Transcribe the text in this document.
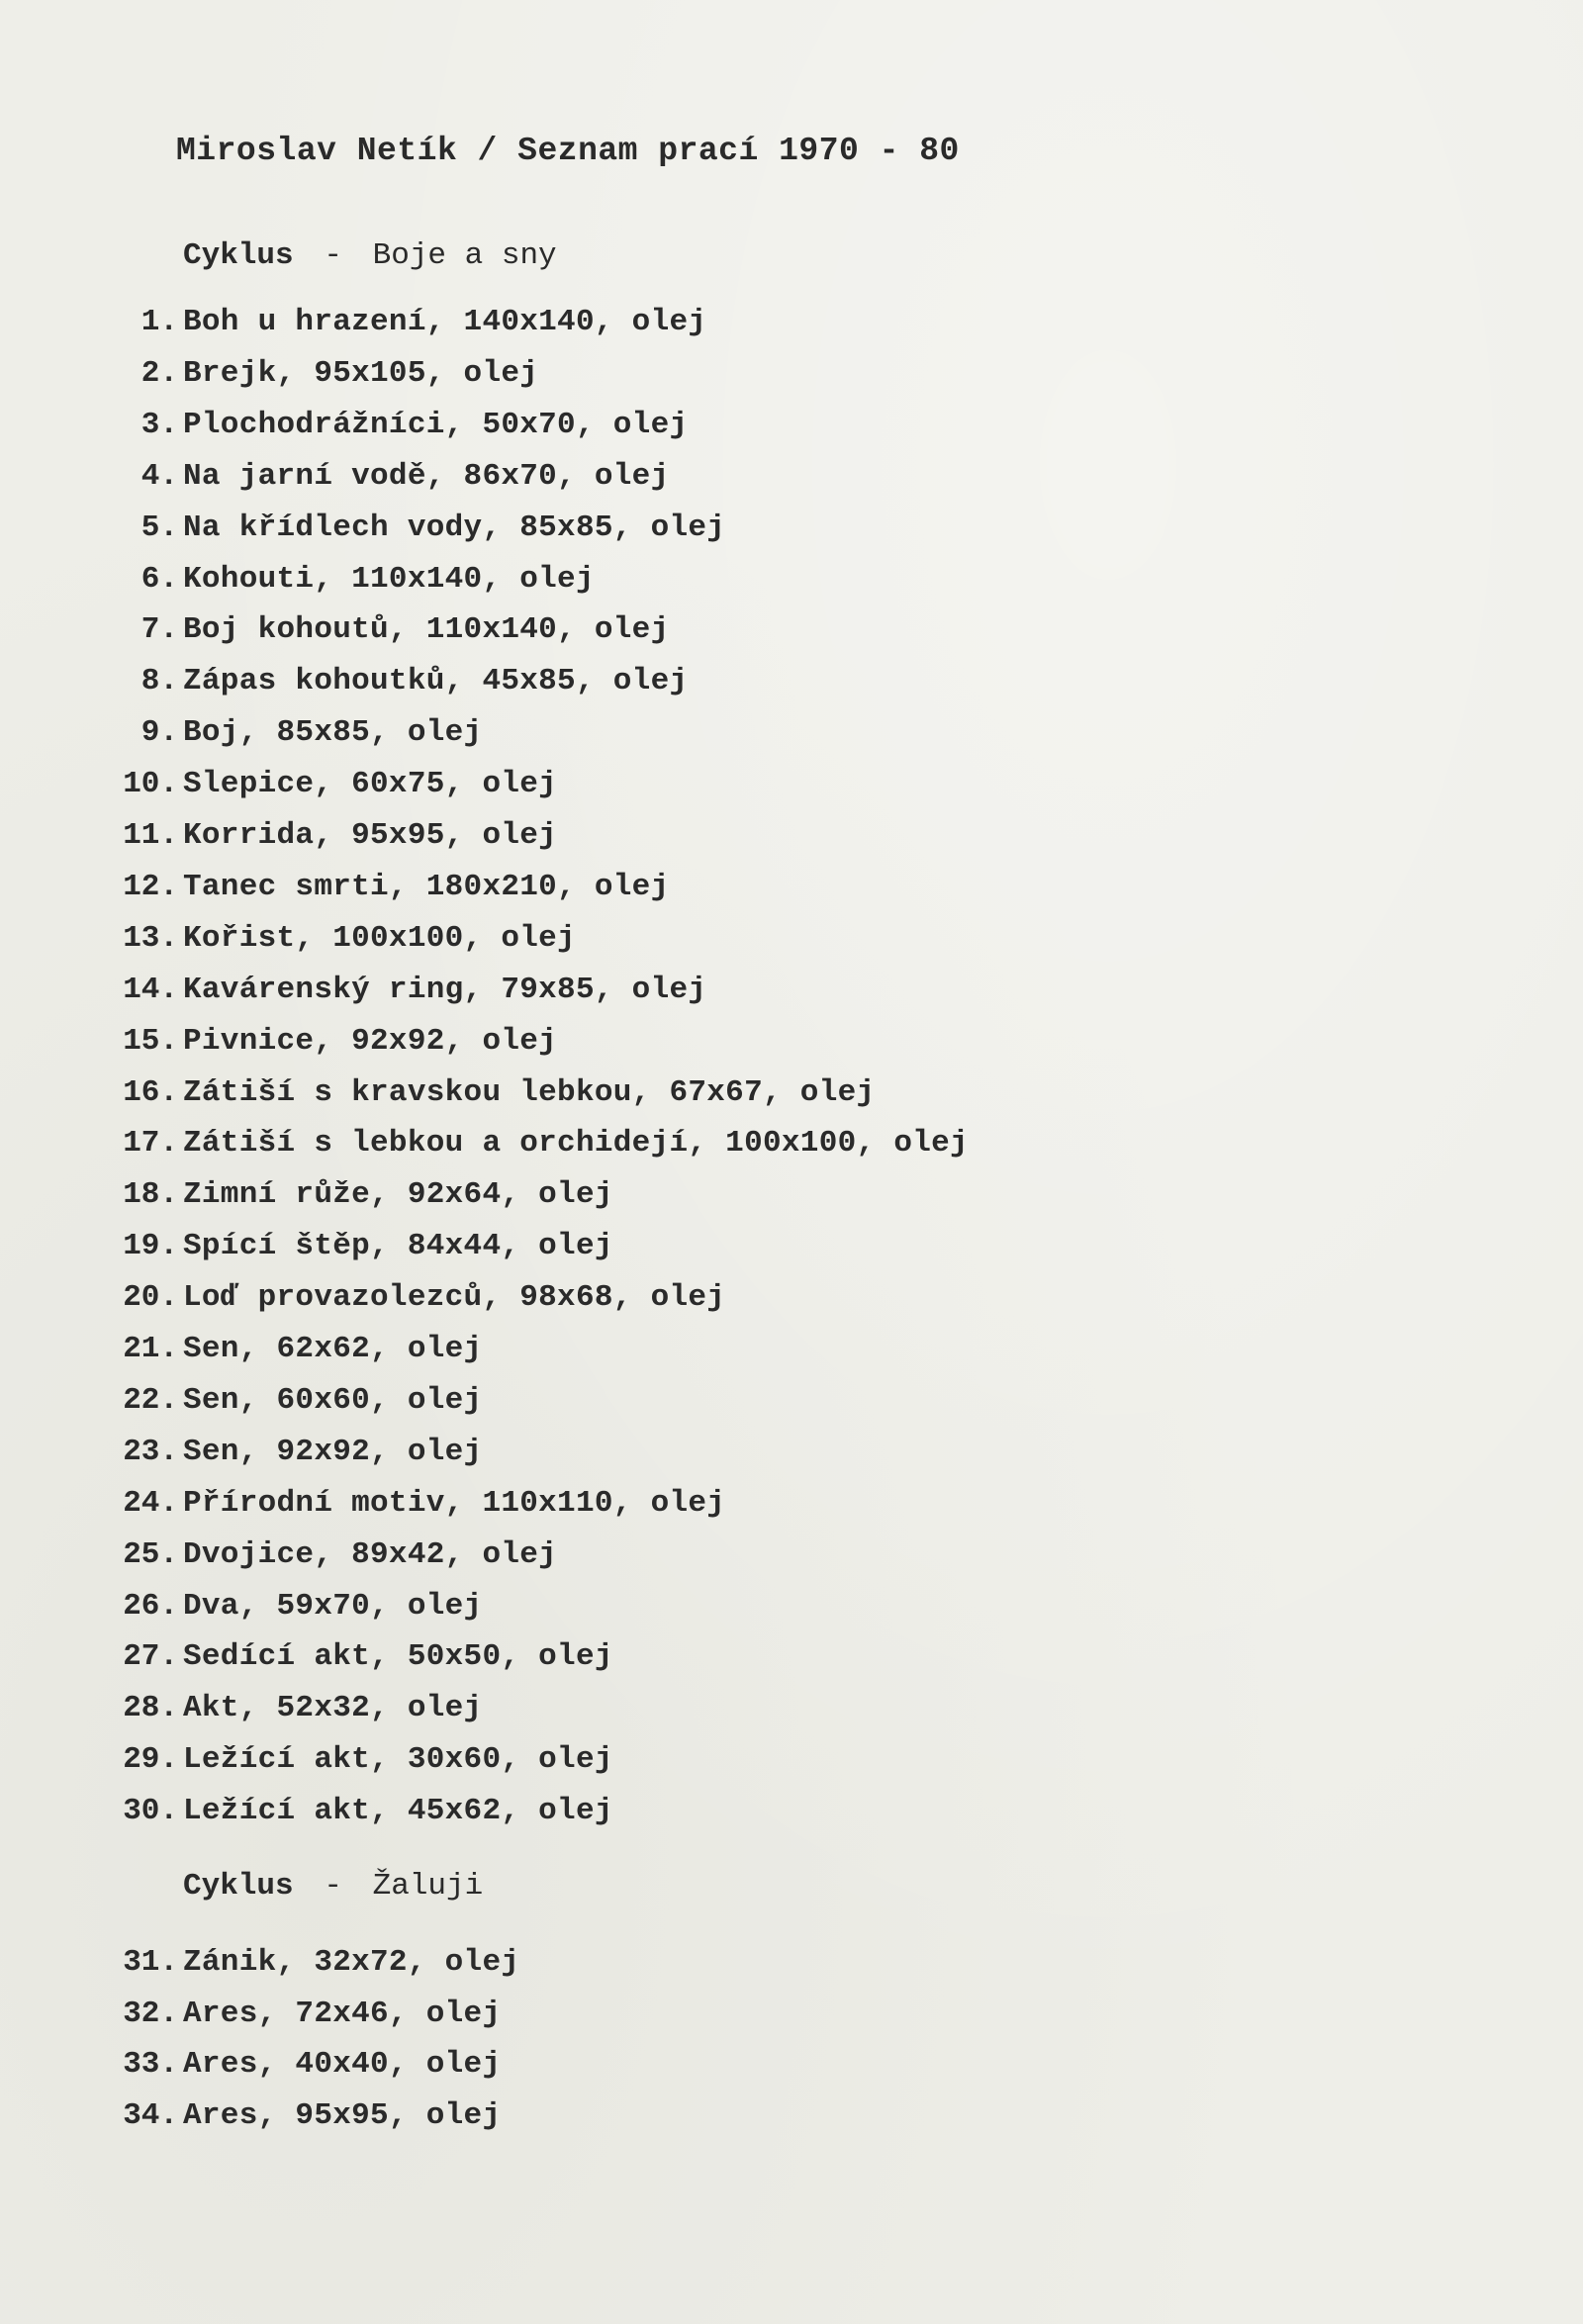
Miroslav Netík / Seznam prací 1970 - 80
Cyklus - Boje a sny
1. Boh u hrazení, 140x140, olej
2. Brejk, 95x105, olej
3. Plochodrážníci, 50x70, olej
4. Na jarní vodě, 86x70, olej
5. Na křídlech vody, 85x85, olej
6. Kohouti, 110x140, olej
7. Boj kohoutů, 110x140, olej
8. Zápas kohoutků, 45x85, olej
9. Boj, 85x85, olej
10. Slepice, 60x75, olej
11. Korrida, 95x95, olej
12. Tanec smrti, 180x210, olej
13. Kořist, 100x100, olej
14. Kavárenský ring, 79x85, olej
15. Pivnice, 92x92, olej
16. Zátiší s kravskou lebkou, 67x67, olej
17. Zátiší s lebkou a orchidejí, 100x100, olej
18. Zimní růže, 92x64, olej
19. Spící štěp, 84x44, olej
20. Loď provazolezců, 98x68, olej
21. Sen, 62x62, olej
22. Sen, 60x60, olej
23. Sen, 92x92, olej
24. Přírodní motiv, 110x110, olej
25. Dvojice, 89x42, olej
26. Dva, 59x70, olej
27. Sedící akt, 50x50, olej
28. Akt, 52x32, olej
29. Ležící akt, 30x60, olej
30. Ležící akt, 45x62, olej
Cyklus - Žaluji
31. Zánik, 32x72, olej
32. Ares, 72x46, olej
33. Ares, 40x40, olej
34. Ares, 95x95, olej
